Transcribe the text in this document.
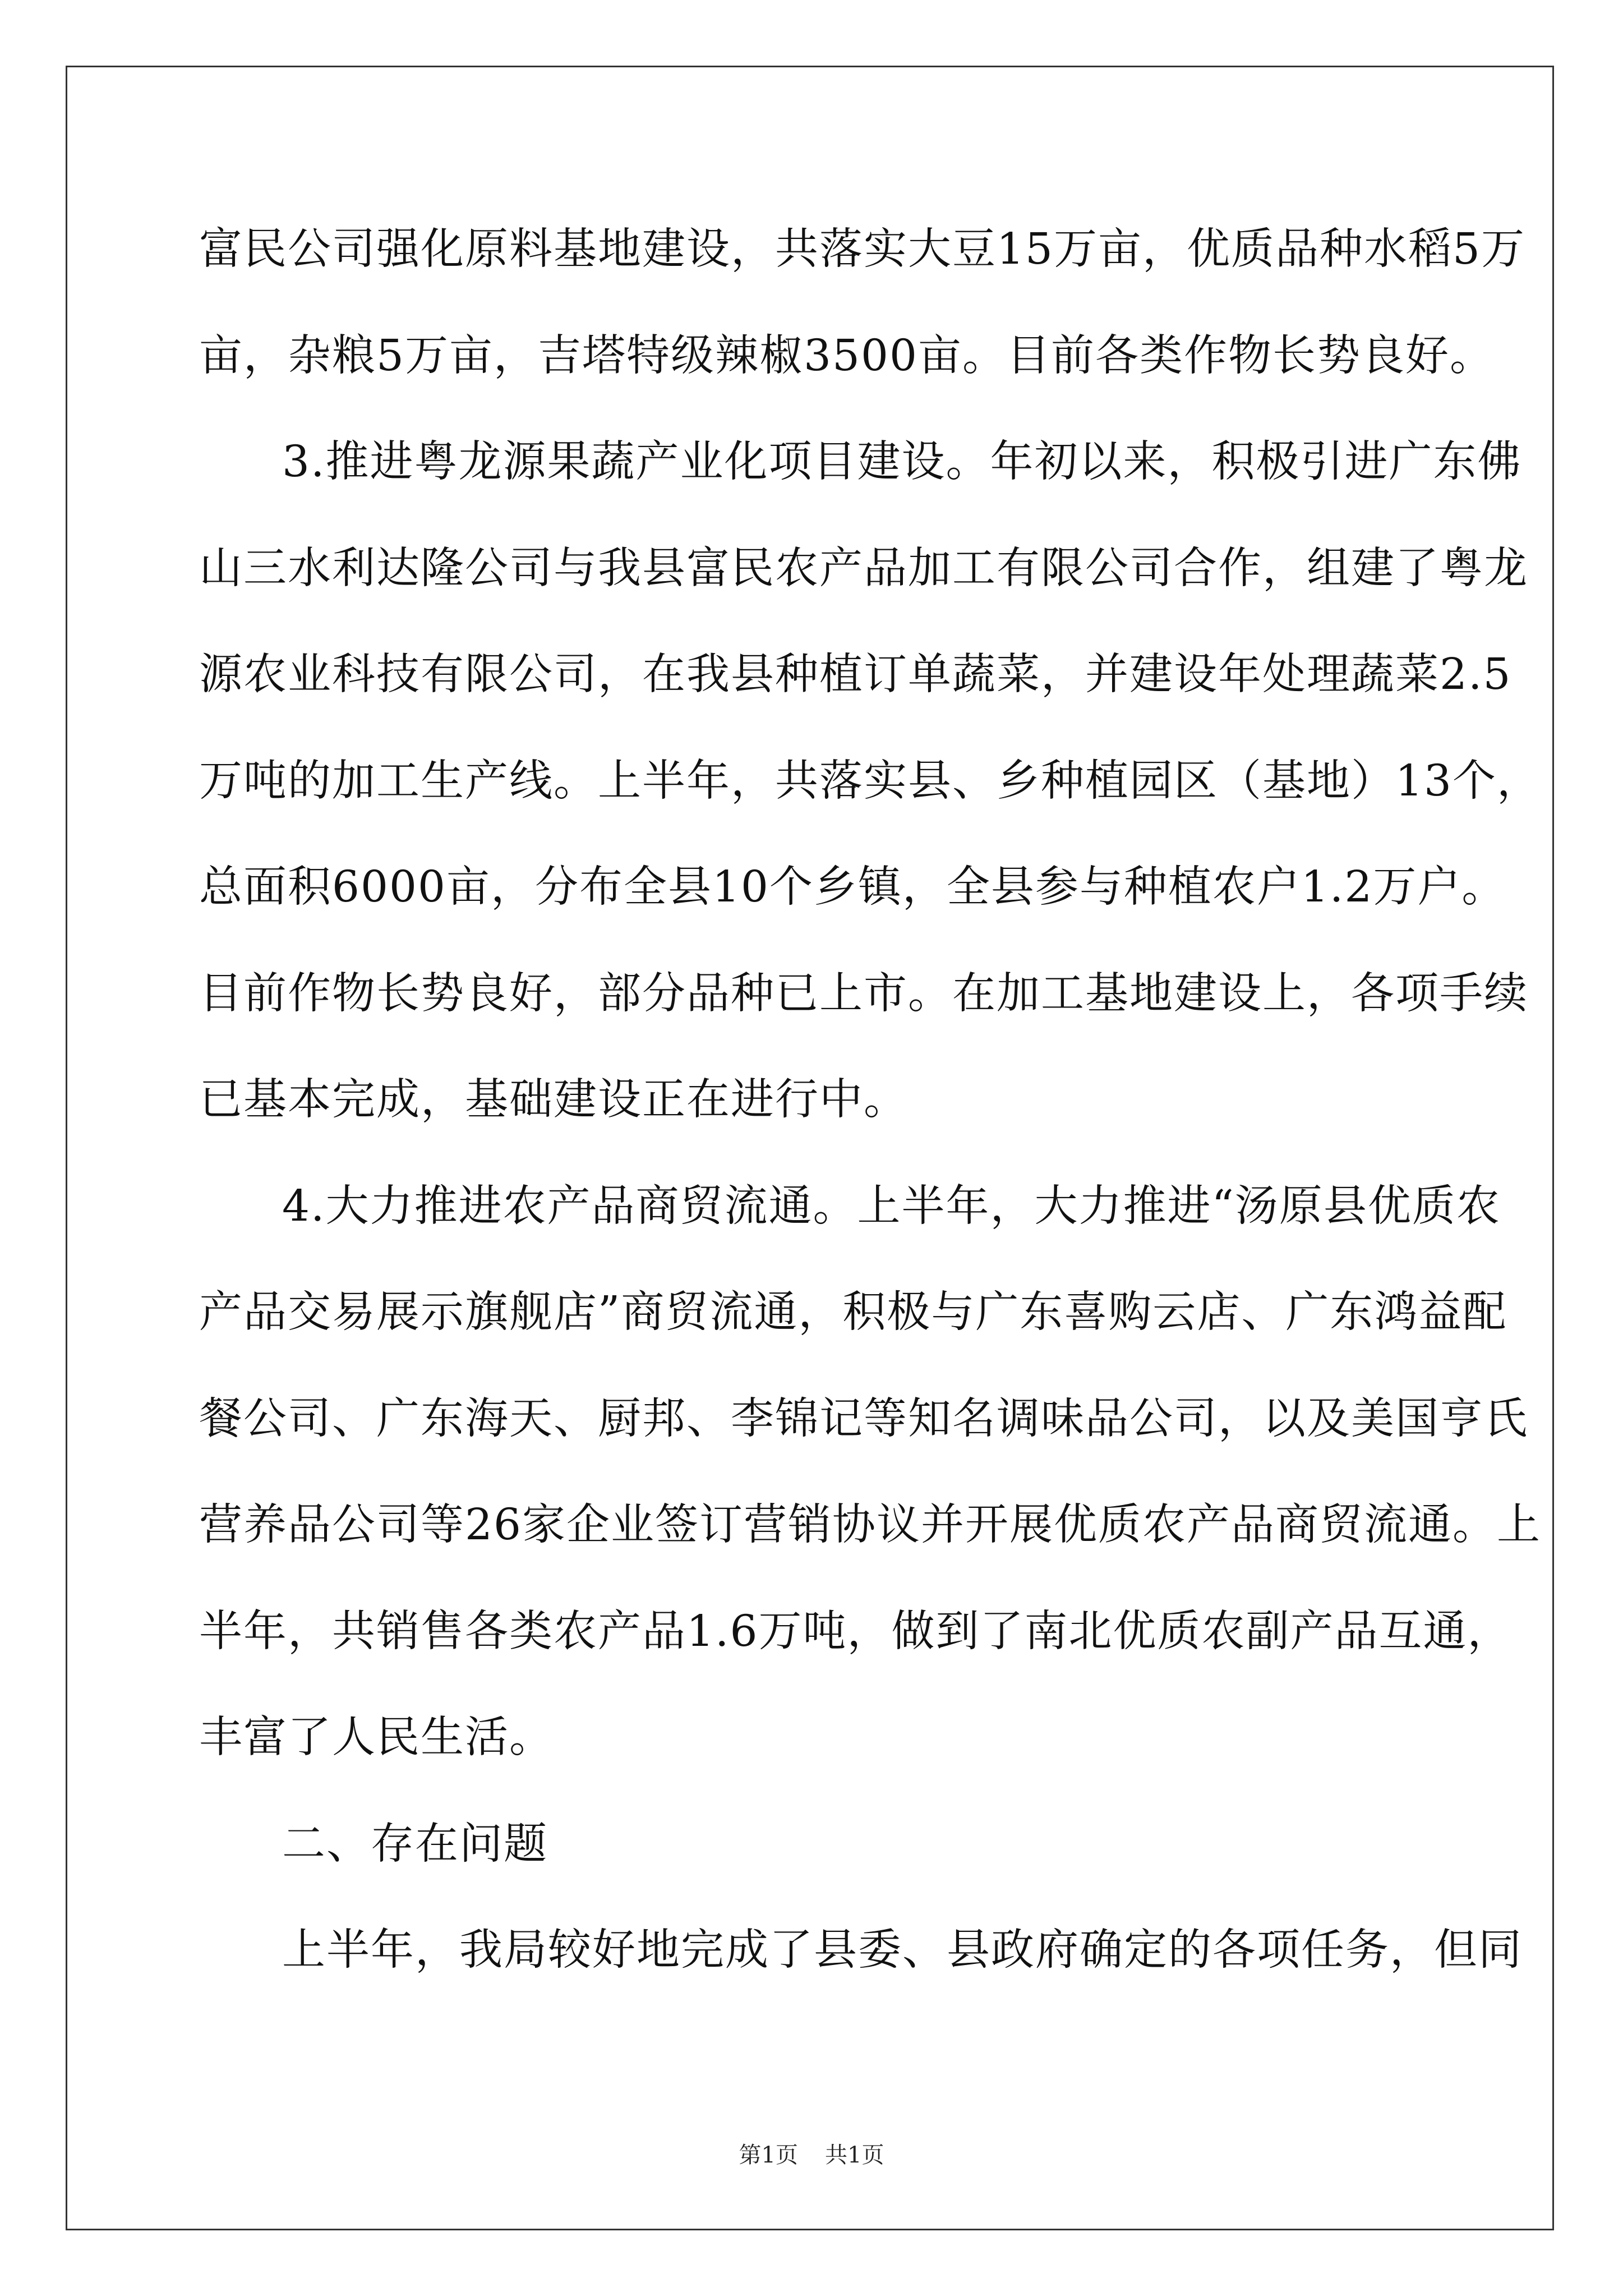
富民公司强化原料基地建设，共落实大豆15万亩，优质品种水稻5万
亩，杂粮5万亩，吉塔特级辣椒3500亩。目前各类作物长势良好。
3.推进粤龙源果蔬产业化项目建设。年初以来，积极引进广东佛
山三水利达隆公司与我县富民农产品加工有限公司合作，组建了粤龙
源农业科技有限公司，在我县种植订单蔬菜，并建设年处理蔬菜2.5
万吨的加工生产线。上半年，共落实县、乡种植园区（基地）13个，
总面积6000亩，分布全县10个乡镇，全县参与种植农户1.2万户。
目前作物长势良好，部分品种已上市。在加工基地建设上，各项手续
已基本完成，基础建设正在进行中。
4.大力推进农产品商贸流通。上半年，大力推进“汤原县优质农
产品交易展示旗舰店”商贸流通，积极与广东喜购云店、广东鸿益配
餐公司、广东海天、厨邦、李锦记等知名调味品公司，以及美国亨氏
营养品公司等26家企业签订营销协议并开展优质农产品商贸流通。上
半年，共销售各类农产品1.6万吨，做到了南北优质农副产品互通，
丰富了人民生活。
二、存在问题
上半年，我局较好地完成了县委、县政府确定的各项任务，但同
第1页 共1页
